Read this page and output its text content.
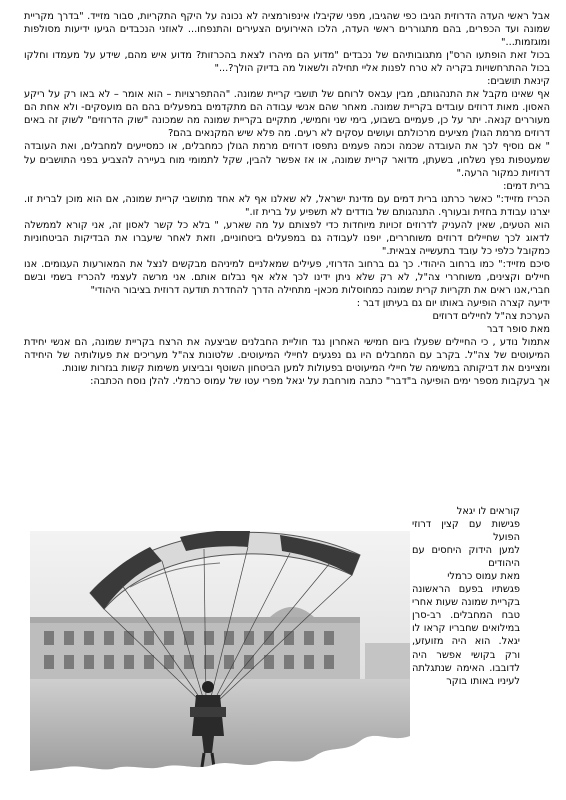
אבל ראשי העדה הדרוזית הגיבו כפי שהגיבו, מפני שקיבלו אינפורמציה לא נכונה על היקף התקריות, סבור מזייד. "בדרך מקריית שמונה ועד הכפרים, בהם מתגוררים ראשי העדה, הלכו האירועים הצעירים והתנפחו... לאוזני הנכבדים הגיעו ידיעות מסולפות ומוגזמות..."

בכול זאת הופתעו הרס"ן מתגובותיהם של נכבדים "מדוע הם מיהרו לצאת בהכרזות? מדוע איש מהם, שידע על מעמדו וחלקו בכול ההתרחשויות בקריה לא טרח לפנות אליי תחילה ולשאול מה בדיוק הולך?..."

קינאת תושבים:

אף שאינו מקבל את התנהגותם, מבין עבאס לרוחם של תושבי קריית שמונה. "ההתפרצויות – הוא אומר – לא באו רק על ריקע האסון. מאות דרוזים עובדים בקריית שמונה. מאחר שהם אנשי עבודה הם מתקדמים במפעלים בהם הם מועסקים- ולא אחת הם מעוררים קנאה. יתר על כן, פעמיים בשבוע, בימי שני וחמישי, מתקיים בקריית שמונה מה שמכונה "שוק הדרוזים" לשוק זה באים דרוזים מרמת הגולן מציעים מרכולתם ועושים עסקים לא רעים. מה פלא שיש המקנאים בהם?

" אם נוסיף לכך את העובדה שכמה וכמה פעמים נתפסו דרוזים מרמת הגולן כמחבלים, או כמסייעים למחבלים, ואת העובדה שמעטפות נפץ נשלחו, בשעתן, מדואר קריית שמונה, או אז אפשר להבין, שקל לתמומי מוח בעיירה להצביע בפני התושבים על דרוזיות כמקור הרעה."

ברית דמים:

הכריז מזייד:" כאשר כרתנו ברית דמים עם מדינת ישראל, לא שאלנו אף לא אחד מתושבי קריית שמונה, אם הוא מוכן לברית זו. יצרנו עבודת בחזית ובעורף. התנהגותם של בודדים לא תשפיע על ברית זו."

הוא הטעים, שאין להעניק לדרוזים זכויות מיוחדות כדי לפצותם על מה שארע, " בלא כל קשר לאסון זה, אני קורא לממשלה לדאוג לכך שחיילים דרוזים משוחררים, יופנו לעבודה גם במפעלים ביטחוניים, וזאת לאחר שיעברו את הבדיקות הביטחוניות כמקובל כלפי כל עובד בתעשייה צבאית."

סיכם מזייד:" כמו ברחוב היהודי. כך גם ברחוב הדרוזי, פעילים שמאלניים למיניהם מבקשים לנצל את המאורעות העגומים. אנו חיילים וקצינים, משוחררי צה"ל, לא רק שלא ניתן ידינו לכך אלא אף נבלום אותם. אני מרשה לעצמי להכריז בשמי ובשם חברי,אנו ראים את תקריות קרית שמונה כמחוסלות מכאן- מתחילה הדרך להחדרת תודעה דרוזית בציבור היהודי"

ידיעה קצרה הופיעה באותו יום גם בעיתון דבר :

הערכת צה"ל לחיילים דרוזים

מאת סופר דבר

אתמול נודע , כי החיילים שפעלו ביום חמישי האחרון נגד חוליית החבלנים שביצעה את הרצח בקריית שמונה, הם אנשי יחידת המיעוטים של צה"ל. בקרב עם המחבלים היו גם נפגעים לחיילי המיעוטים. שלטונות צה"ל מעריכים את פעולותיה של היחידה ומציינים את דביקותה במשימה של חיילי המיעוטים בפעולות למען הביטחון השוטף ובביצוע משימות קשות בגזרות שונות.

אך בעקבות מספר ימים הופיעה ב"דבר" כתבה מורחבת על יגאל מפרי עטו של עמוס כרמלי. להלן נוסח הכתבה:

קוראים לו יגאל

פגישות עם קצין דרוזי הפועל

למען הידוק היחסים עם היהודים

מאת עמוס כרמלי

פגשתיו בפעם הראשונה בקריית שמונה שעות אחרי טבח המחבלים. רב-סרן במילואים שחבריו קראו לו יגאל. הוא היה מזועזע, ורק בקושי אפשר היה לדובבו. האימה שנתגלתה לעיניו באותו בוקר
